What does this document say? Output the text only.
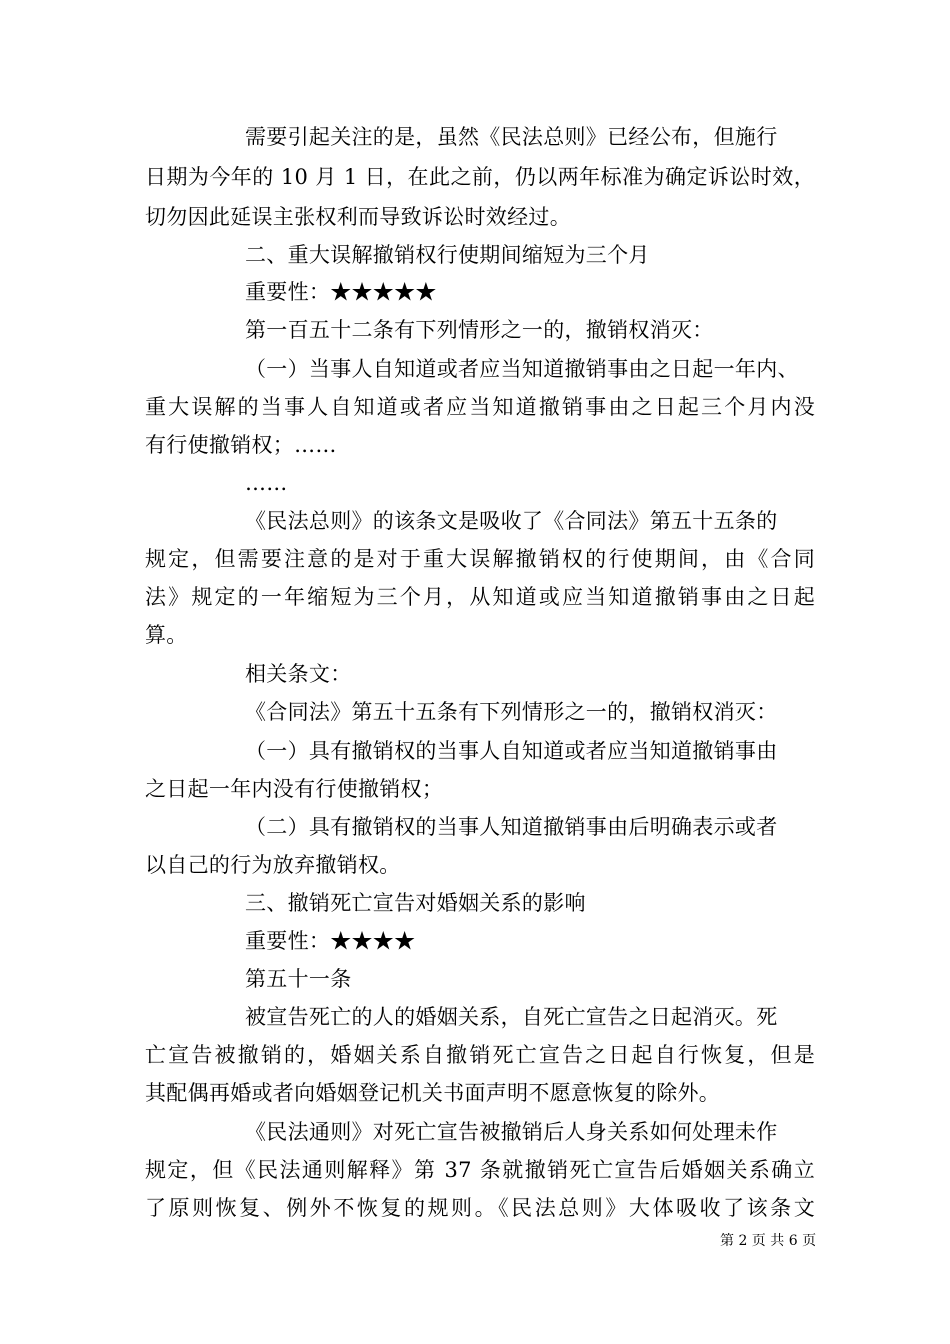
需要引起关注的是，虽然《民法总则》已经公布，但施行
日期为今年的 10 月 1 日，在此之前，仍以两年标准为确定诉讼时效，
切勿因此延误主张权利而导致诉讼时效经过。
二、重大误解撤销权行使期间缩短为三个月
重要性：★★★★★
第一百五十二条有下列情形之一的，撤销权消灭：
（一）当事人自知道或者应当知道撤销事由之日起一年内、
重大误解的当事人自知道或者应当知道撤销事由之日起三个月内没
有行使撤销权；……
……
《民法总则》的该条文是吸收了《合同法》第五十五条的
规定，但需要注意的是对于重大误解撤销权的行使期间，由《合同
法》规定的一年缩短为三个月，从知道或应当知道撤销事由之日起
算。
相关条文：
《合同法》第五十五条有下列情形之一的，撤销权消灭：
（一）具有撤销权的当事人自知道或者应当知道撤销事由
之日起一年内没有行使撤销权；
（二）具有撤销权的当事人知道撤销事由后明确表示或者
以自己的行为放弃撤销权。
三、撤销死亡宣告对婚姻关系的影响
重要性：★★★★
第五十一条
被宣告死亡的人的婚姻关系，自死亡宣告之日起消灭。死
亡宣告被撤销的，婚姻关系自撤销死亡宣告之日起自行恢复，但是
其配偶再婚或者向婚姻登记机关书面声明不愿意恢复的除外。
《民法通则》对死亡宣告被撤销后人身关系如何处理未作
规定，但《民法通则解释》第 37 条就撤销死亡宣告后婚姻关系确立
了原则恢复、例外不恢复的规则。《民法总则》大体吸收了该条文
第 2 页 共 6 页
